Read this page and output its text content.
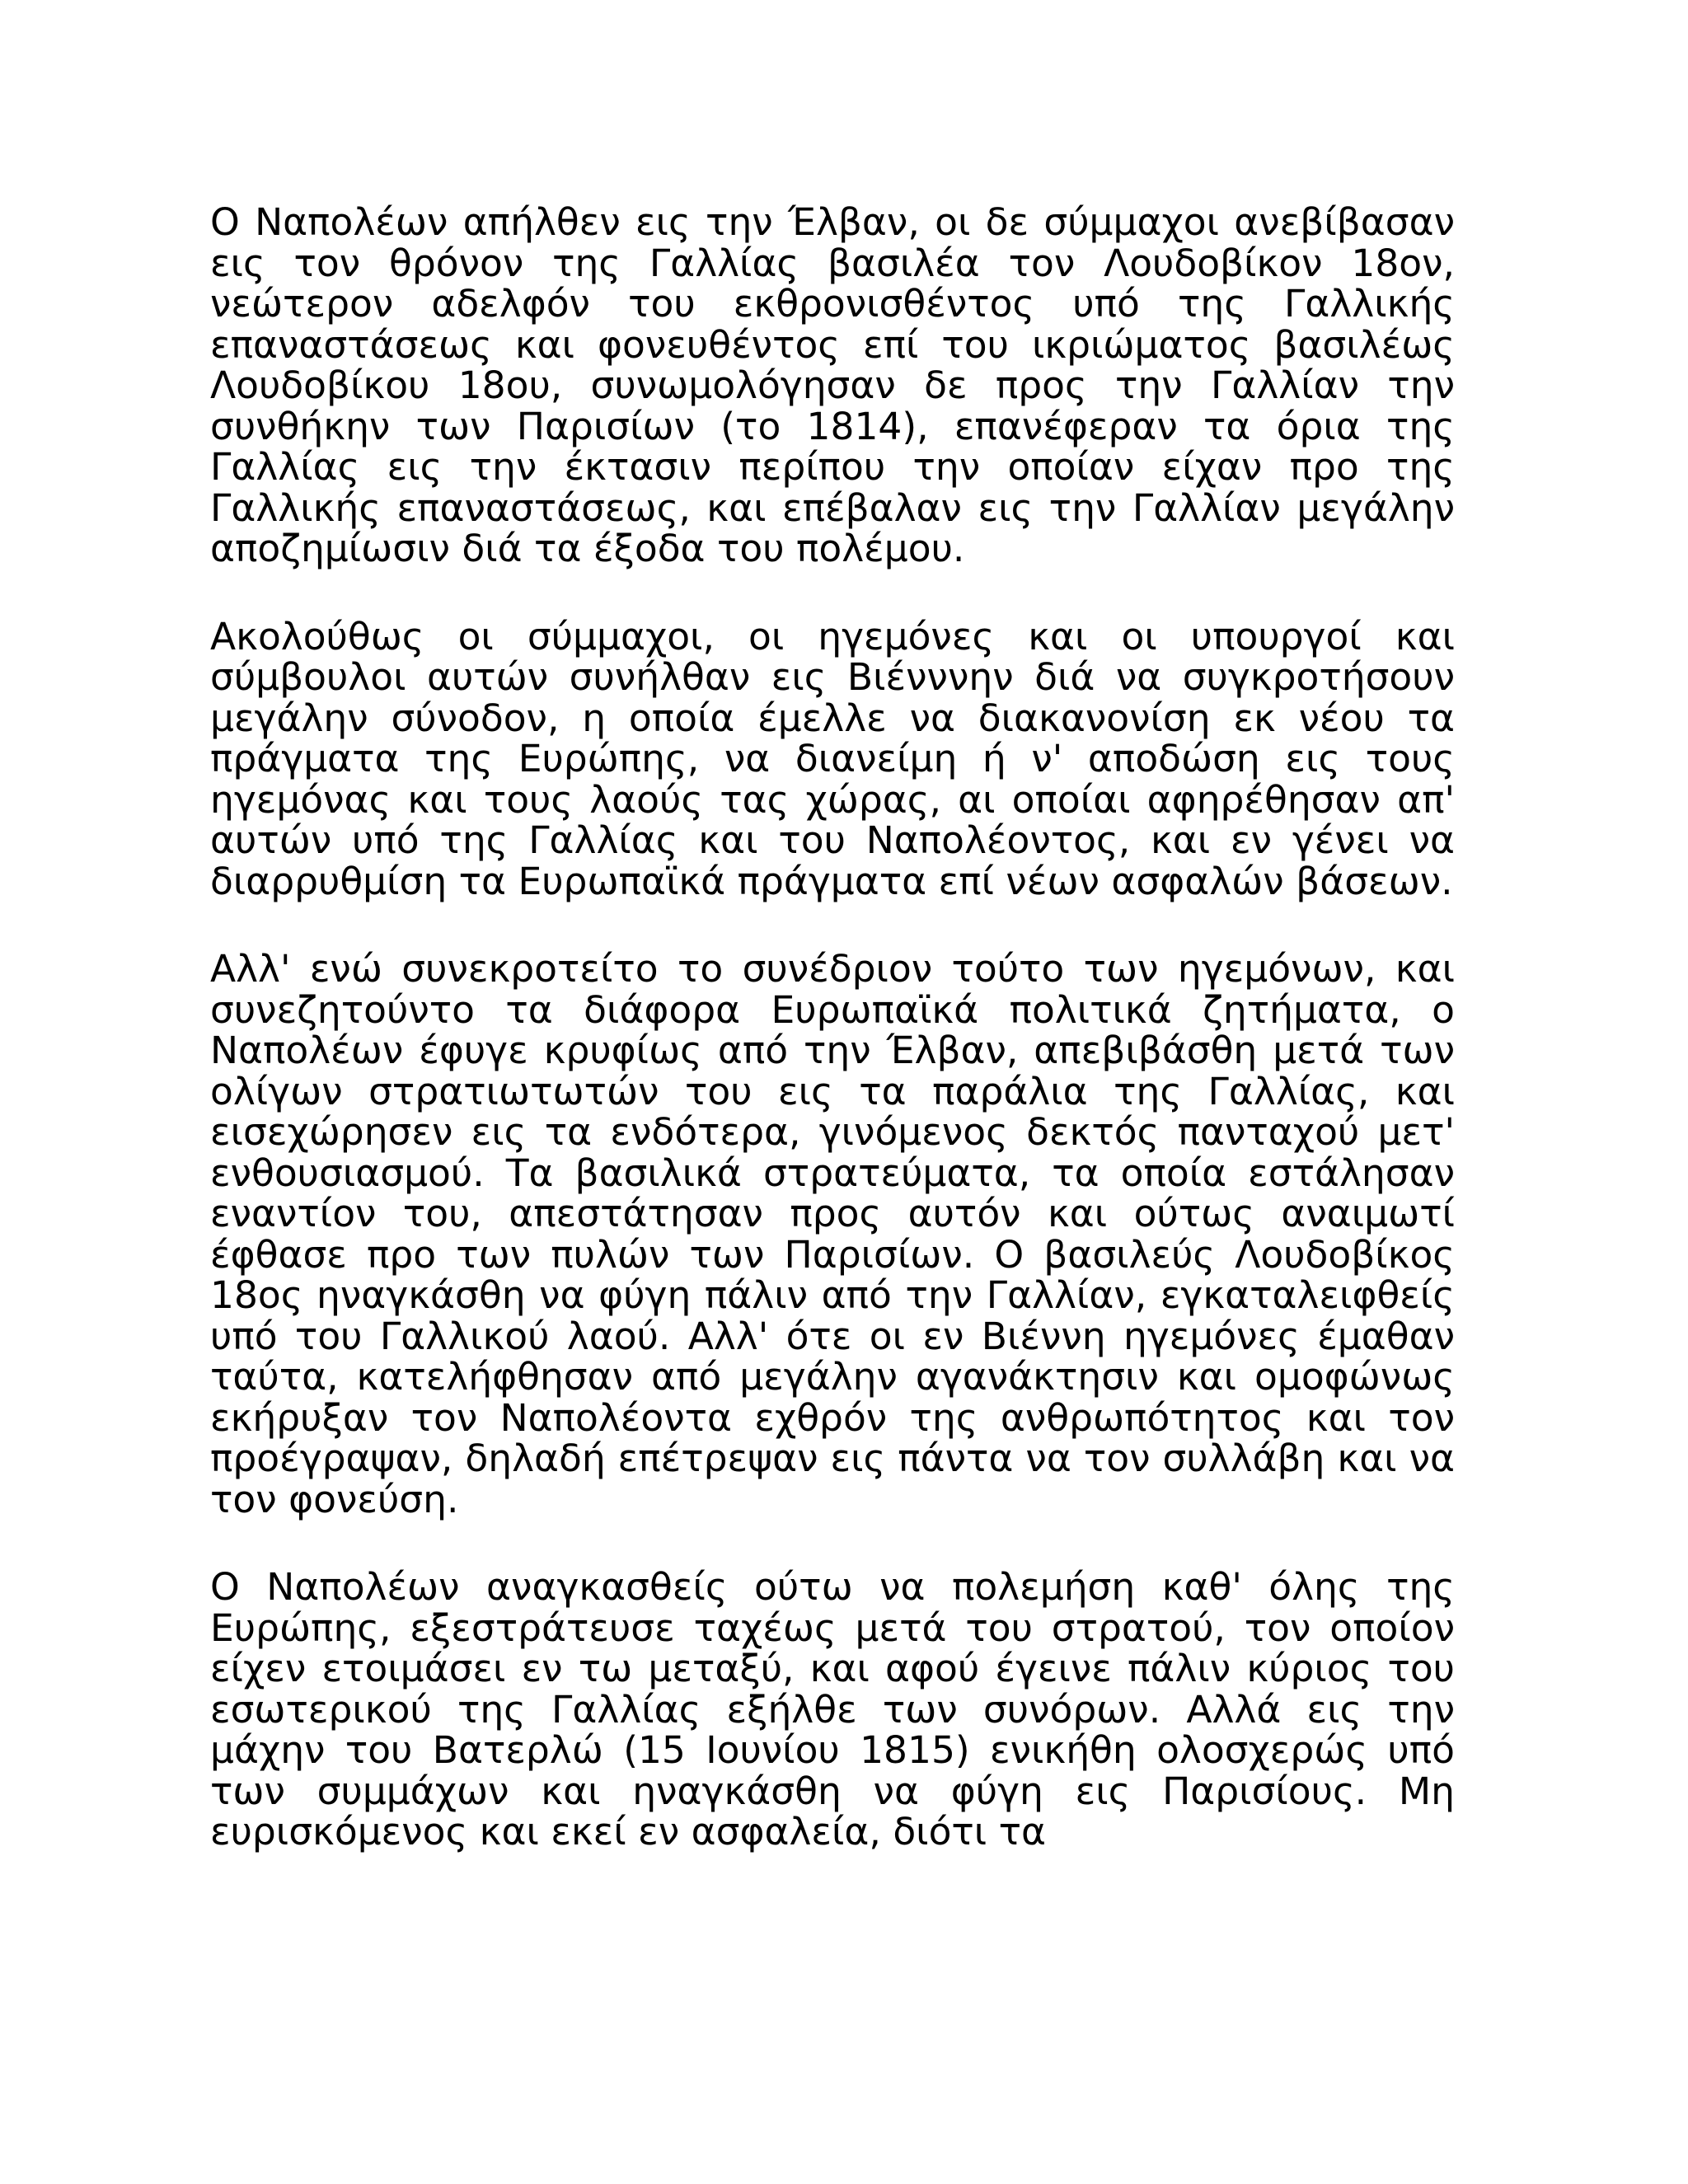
Ο Ναπολέων απήλθεν εις την Έλβαν, οι δε σύμμαχοι ανεβίβασαν εις τον θρόνον της Γαλλίας βασιλέα τον Λουδοβίκον 18ον, νεώτερον αδελφόν του εκθρονισθέντος υπό της Γαλλικής επαναστάσεως και φονευθέντος επί του ικριώματος βασιλέως Λουδοβίκου 18ου, συνωμολόγησαν δε προς την Γαλλίαν την συνθήκην των Παρισίων (το 1814), επανέφεραν τα όρια της Γαλλίας εις την έκτασιν περίπου την οποίαν είχαν προ της Γαλλικής επαναστάσεως, και επέβαλαν εις την Γαλλίαν μεγάλην αποζημίωσιν διά τα έξοδα του πολέμου.

Ακολούθως οι σύμμαχοι, οι ηγεμόνες και οι υπουργοί και σύμβουλοι αυτών συνήλθαν εις Βιένννην διά να συγκροτήσουν μεγάλην σύνοδον, η οποία έμελλε να διακανονίση εκ νέου τα πράγματα της Ευρώπης, να διανείμη ή ν' αποδώση εις τους ηγεμόνας και τους λαούς τας χώρας, αι οποίαι αφηρέθησαν απ' αυτών υπό της Γαλλίας και του Ναπολέοντος, και εν γένει να διαρρυθμίση τα Ευρωπαϊκά πράγματα επί νέων ασφαλών βάσεων.

Αλλ' ενώ συνεκροτείτο το συνέδριον τούτο των ηγεμόνων, και συνεζητούντο τα διάφορα Ευρωπαϊκά πολιτικά ζητήματα, ο Ναπολέων έφυγε κρυφίως από την Έλβαν, απεβιβάσθη μετά των ολίγων στρατιωτωτών του εις τα παράλια της Γαλλίας, και εισεχώρησεν εις τα ενδότερα, γινόμενος δεκτός πανταχού μετ' ενθουσιασμού. Τα βασιλικά στρατεύματα, τα οποία εστάλησαν εναντίον του, απεστάτησαν προς αυτόν και ούτως αναιμωτί έφθασε προ των πυλών των Παρισίων. Ο βασιλεύς Λουδοβίκος 18ος ηναγκάσθη να φύγη πάλιν από την Γαλλίαν, εγκαταλειφθείς υπό του Γαλλικού λαού. Αλλ' ότε οι εν Βιέννη ηγεμόνες έμαθαν ταύτα, κατελήφθησαν από μεγάλην αγανάκτησιν και ομοφώνως εκήρυξαν τον Ναπολέοντα εχθρόν της ανθρωπότητος και τον προέγραψαν, δηλαδή επέτρεψαν εις πάντα να τον συλλάβη και να τον φονεύση.

Ο Ναπολέων αναγκασθείς ούτω να πολεμήση καθ' όλης της Ευρώπης, εξεστράτευσε ταχέως μετά του στρατού, τον οποίον είχεν ετοιμάσει εν τω μεταξύ, και αφού έγεινε πάλιν κύριος του εσωτερικού της Γαλλίας εξήλθε των συνόρων. Αλλά εις την μάχην του Βατερλώ (15 Ιουνίου 1815) ενικήθη ολοσχερώς υπό των συμμάχων και ηναγκάσθη να φύγη εις Παρισίους. Μη ευρισκόμενος και εκεί εν ασφαλεία, διότι τα
